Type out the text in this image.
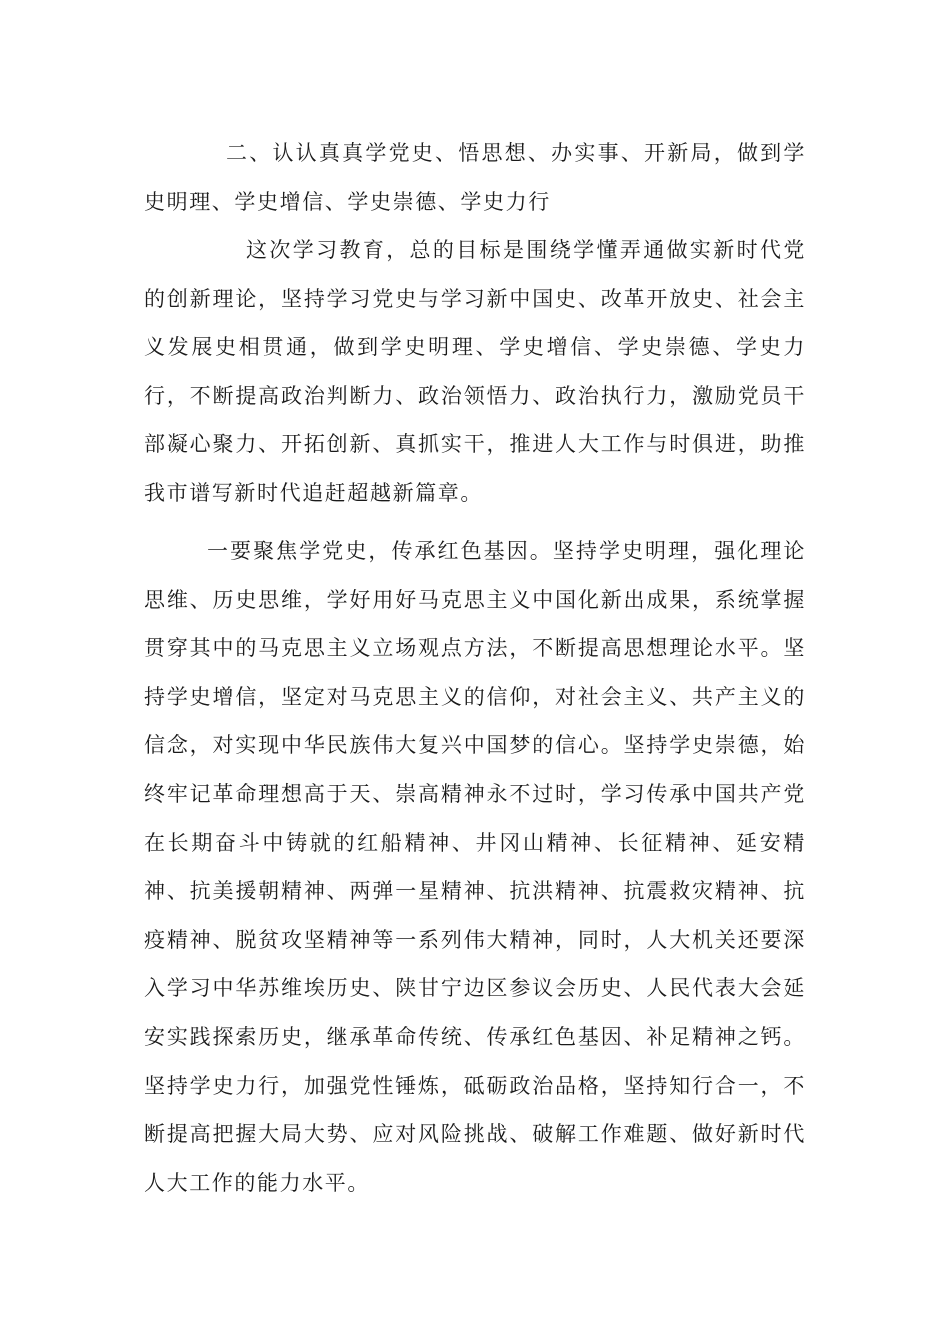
二、认认真真学党史、悟思想、办实事、开新局，做到学史明理、学史增信、学史崇德、学史力行

这次学习教育，总的目标是围绕学懂弄通做实新时代党的创新理论，坚持学习党史与学习新中国史、改革开放史、社会主义发展史相贯通，做到学史明理、学史增信、学史崇德、学史力行，不断提高政治判断力、政治领悟力、政治执行力，激励党员干部凝心聚力、开拓创新、真抓实干，推进人大工作与时俱进，助推我市谱写新时代追赶超越新篇章。

一要聚焦学党史，传承红色基因。坚持学史明理，强化理论思维、历史思维，学好用好马克思主义中国化新出成果，系统掌握贯穿其中的马克思主义立场观点方法，不断提高思想理论水平。坚持学史增信，坚定对马克思主义的信仰，对社会主义、共产主义的信念，对实现中华民族伟大复兴中国梦的信心。坚持学史崇德，始终牢记革命理想高于天、崇高精神永不过时，学习传承中国共产党在长期奋斗中铸就的红船精神、井冈山精神、长征精神、延安精神、抗美援朝精神、两弹一星精神、抗洪精神、抗震救灾精神、抗疫精神、脱贫攻坚精神等一系列伟大精神，同时，人大机关还要深入学习中华苏维埃历史、陕甘宁边区参议会历史、人民代表大会延安实践探索历史，继承革命传统、传承红色基因、补足精神之钙。坚持学史力行，加强党性锤炼，砥砺政治品格，坚持知行合一，不断提高把握大局大势、应对风险挑战、破解工作难题、做好新时代人大工作的能力水平。
